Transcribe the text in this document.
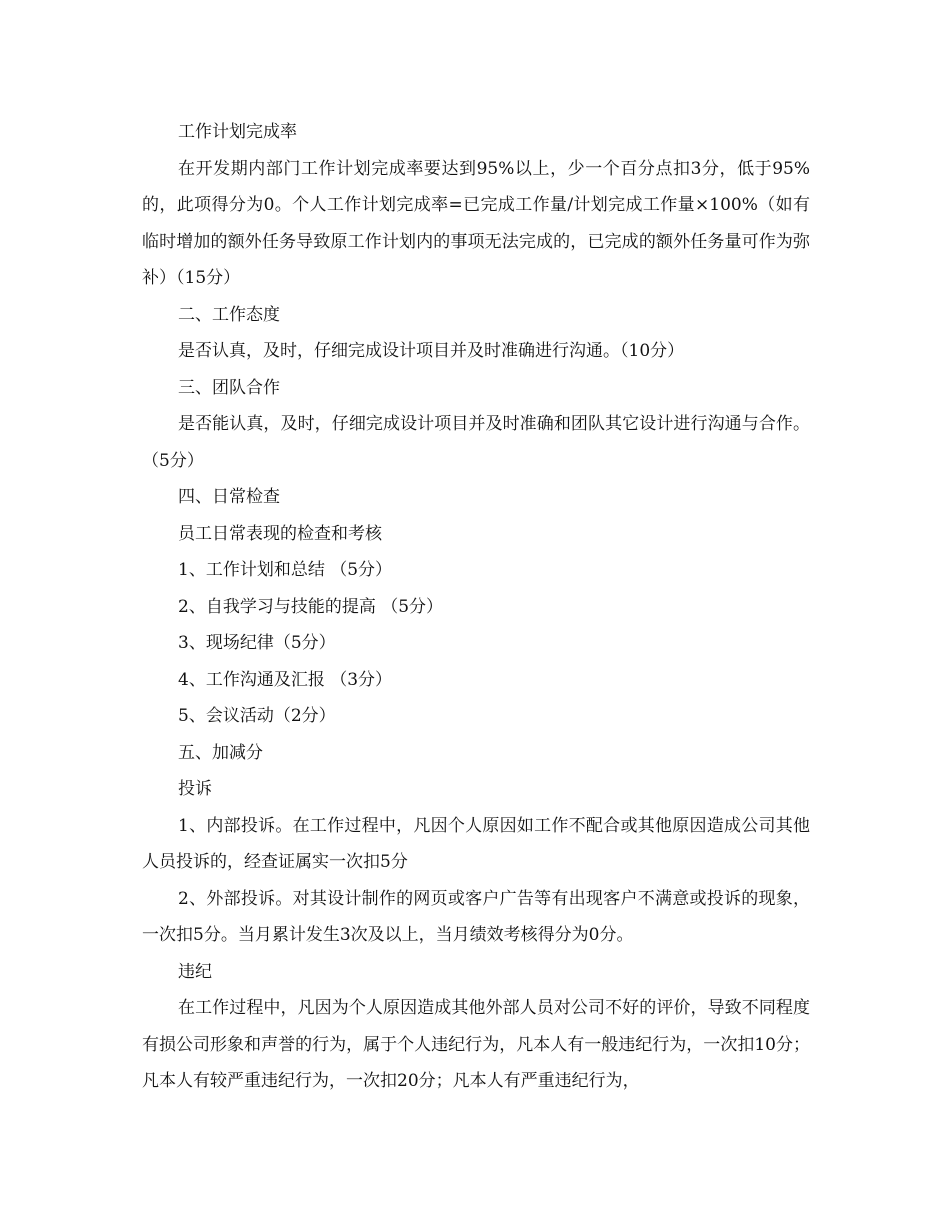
工作计划完成率

在开发期内部门工作计划完成率要达到95%以上，少一个百分点扣3分，低于95%的，此项得分为0。个人工作计划完成率=已完成工作量/计划完成工作量×100%（如有临时增加的额外任务导致原工作计划内的事项无法完成的，已完成的额外任务量可作为弥补）（15分）

二、工作态度

是否认真，及时，仔细完成设计项目并及时准确进行沟通。（10分）

三、团队合作

是否能认真，及时，仔细完成设计项目并及时准确和团队其它设计进行沟通与合作。（5分）

四、日常检查

员工日常表现的检查和考核

1、工作计划和总结 （5分）

2、自我学习与技能的提高 （5分）

3、现场纪律（5分）

4、工作沟通及汇报 （3分）

5、会议活动（2分）

五、加减分

投诉

1、内部投诉。在工作过程中，凡因个人原因如工作不配合或其他原因造成公司其他人员投诉的，经查证属实一次扣5分

2、外部投诉。对其设计制作的网页或客户广告等有出现客户不满意或投诉的现象，一次扣5分。当月累计发生3次及以上，当月绩效考核得分为0分。

违纪

在工作过程中，凡因为个人原因造成其他外部人员对公司不好的评价，导致不同程度有损公司形象和声誉的行为，属于个人违纪行为，凡本人有一般违纪行为，一次扣10分；凡本人有较严重违纪行为，一次扣20分；凡本人有严重违纪行为，
